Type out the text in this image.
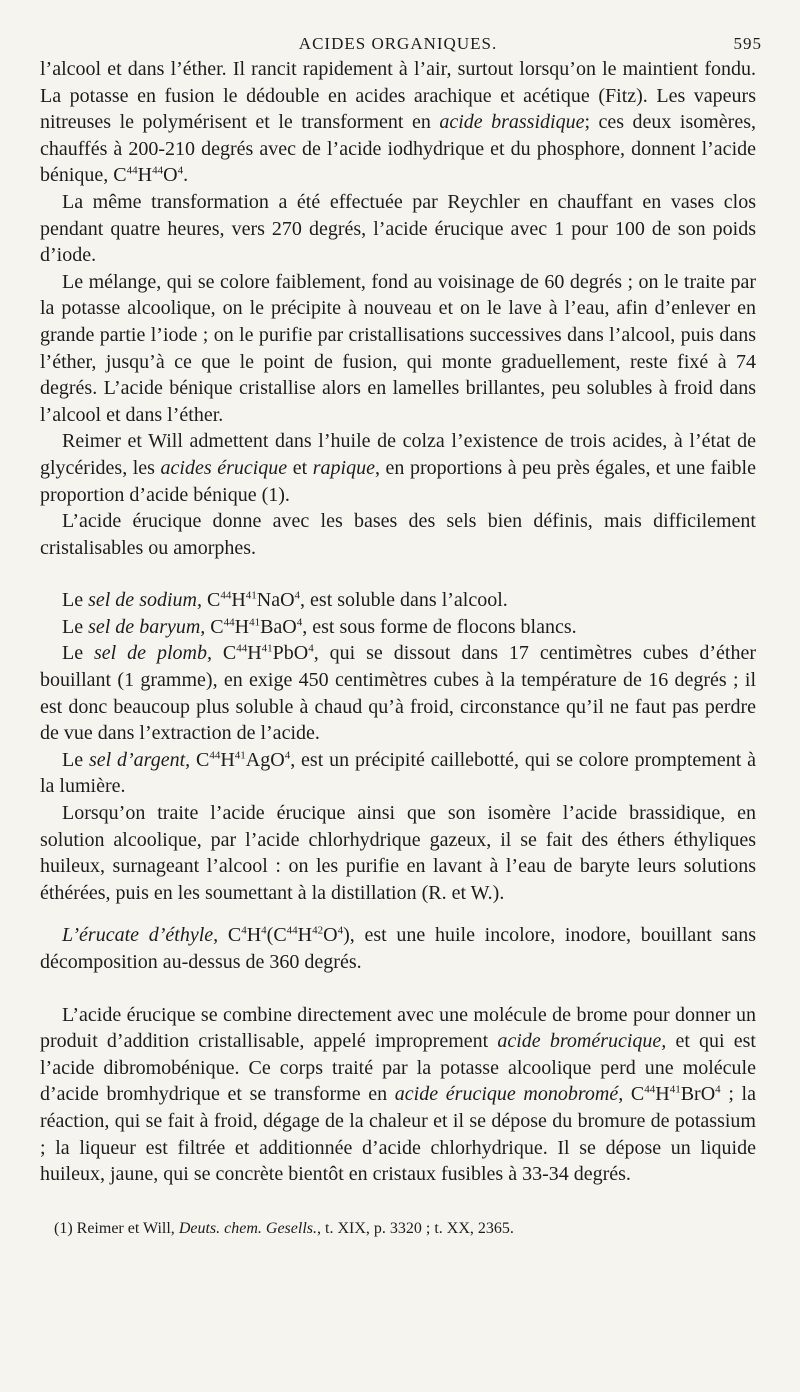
ACIDES ORGANIQUES.	595

l’alcool et dans l’éther. Il rancit rapidement à l’air, surtout lorsqu’on le maintient fondu. La potasse en fusion le dédouble en acides arachique et acétique (Fitz). Les vapeurs nitreuses le polymérisent et le transforment en acide brassidique; ces deux isomères, chauffés à 200-210 degrés avec de l’acide iodhydrique et du phosphore, donnent l’acide bénique, $C^{44}H^{44}O^4$.

La même transformation a été effectuée par Reychler en chauffant en vases clos pendant quatre heures, vers 270 degrés, l’acide érucique avec 1 pour 100 de son poids d’iode.

Le mélange, qui se colore faiblement, fond au voisinage de 60 degrés ; on le traite par la potasse alcoolique, on le précipite à nouveau et on le lave à l’eau, afin d’enlever en grande partie l’iode ; on le purifie par cristallisations successives dans l’alcool, puis dans l’éther, jusqu’à ce que le point de fusion, qui monte graduellement, reste fixé à 74 degrés. L’acide bénique cristallise alors en lamelles brillantes, peu solubles à froid dans l’alcool et dans l’éther.

Reimer et Will admettent dans l’huile de colza l’existence de trois acides, à l’état de glycérides, les acides érucique et rapique, en proportions à peu près égales, et une faible proportion d’acide bénique (1).

L’acide érucique donne avec les bases des sels bien définis, mais difficilement cristalisables ou amorphes.

Le sel de sodium, $C^{44}H^{41}NaO^4$, est soluble dans l’alcool.

Le sel de baryum, $C^{44}H^{41}BaO^4$, est sous forme de flocons blancs.

Le sel de plomb, $C^{44}H^{41}PbO^4$, qui se dissout dans 17 centimètres cubes d’éther bouillant (1 gramme), en exige 450 centimètres cubes à la température de 16 degrés ; il est donc beaucoup plus soluble à chaud qu’à froid, circonstance qu’il ne faut pas perdre de vue dans l’extraction de l’acide.

Le sel d’argent, $C^{44}H^{41}AgO^4$, est un précipité caillebotté, qui se colore promptement à la lumière.

Lorsqu’on traite l’acide érucique ainsi que son isomère l’acide brassidique, en solution alcoolique, par l’acide chlorhydrique gazeux, il se fait des éthers éthyliques huileux, surnageant l’alcool : on les purifie en lavant à l’eau de baryte leurs solutions éthérées, puis en les soumettant à la distillation (R. et W.).

L’érucate d’éthyle, $C^4H^4(C^{44}H^{42}O^4)$, est une huile incolore, inodore, bouillant sans décomposition au-dessus de 360 degrés.

L’acide érucique se combine directement avec une molécule de brome pour donner un produit d’addition cristallisable, appelé improprement acide bromérucique, et qui est l’acide dibromobénique. Ce corps traité par la potasse alcoolique perd une molécule d’acide bromhydrique et se transforme en acide érucique monobromé, $C^{44}H^{41}BrO^4$ ; la réaction, qui se fait à froid, dégage de la chaleur et il se dépose du bromure de potassium ; la liqueur est filtrée et additionnée d’acide chlorhydrique. Il se dépose un liquide huileux, jaune, qui se concrète bientôt en cristaux fusibles à 33-34 degrés.

(1) Reimer et Will, Deuts. chem. Gesells., t. XIX, p. 3320 ; t. XX, 2365.
